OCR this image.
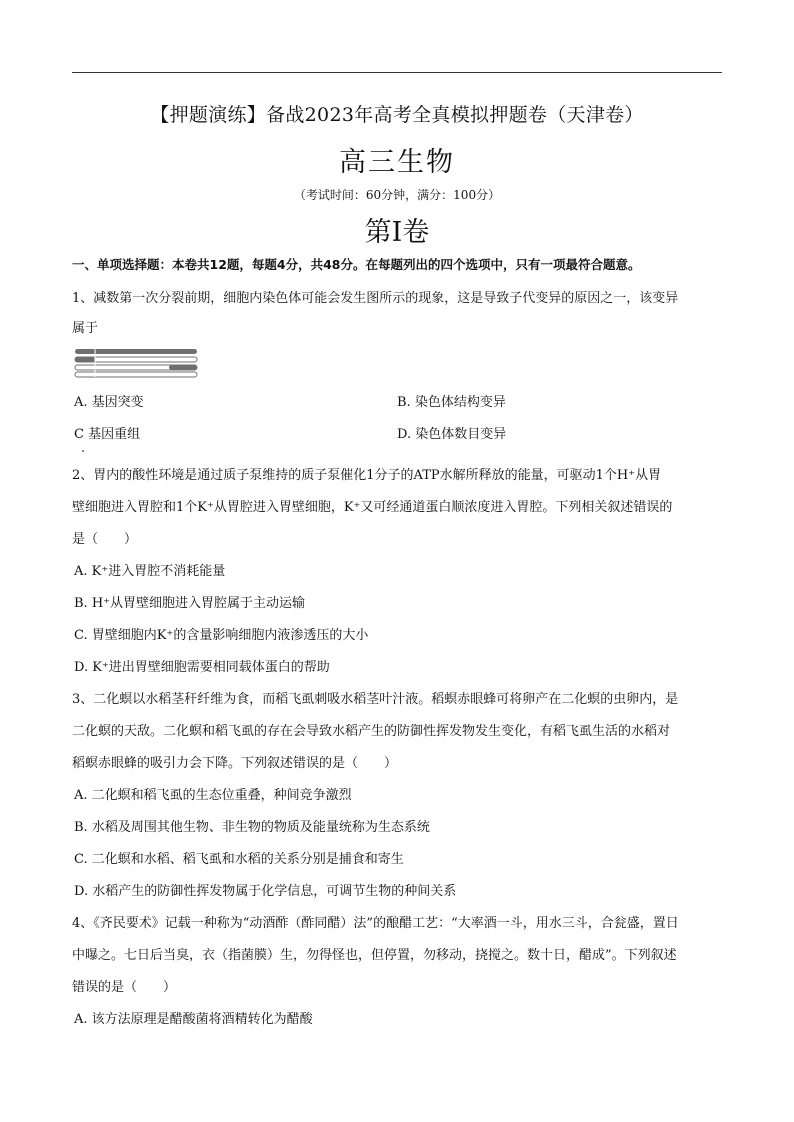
【押题演练】备战2023年高考全真模拟押题卷（天津卷）
高三生物
（考试时间：60分钟，满分：100分）
第I卷
一、单项选择题：本卷共12题，每题4分，共48分。在每题列出的四个选项中，只有一项最符合题意。
1、减数第一次分裂前期，细胞内染色体可能会发生图所示的现象，这是导致子代变异的原因之一，该变异
属于
A. 基因突变	B. 染色体结构变异
C 基因重组	D. 染色体数目变异
2、胃内的酸性环境是通过质子泵维持的质子泵催化1分子的ATP水解所释放的能量，可驱动1个H⁺从胃
壁细胞进入胃腔和1个K⁺从胃腔进入胃壁细胞，K⁺又可经通道蛋白顺浓度进入胃腔。下列相关叙述错误的
是（　　）
A. K⁺进入胃腔不消耗能量
B. H⁺从胃壁细胞进入胃腔属于主动运输
C. 胃壁细胞内K⁺的含量影响细胞内液渗透压的大小
D. K⁺进出胃壁细胞需要相同载体蛋白的帮助
3、二化螟以水稻茎秆纤维为食，而稻飞虱刺吸水稻茎叶汁液。稻螟赤眼蜂可将卵产在二化螟的虫卵内，是
二化螟的天敌。二化螟和稻飞虱的存在会导致水稻产生的防御性挥发物发生变化，有稻飞虱生活的水稻对
稻螟赤眼蜂的吸引力会下降。下列叙述错误的是（　　）
A. 二化螟和稻飞虱的生态位重叠，种间竞争激烈
B. 水稻及周围其他生物、非生物的物质及能量统称为生态系统
C. 二化螟和水稻、稻飞虱和水稻的关系分别是捕食和寄生
D. 水稻产生的防御性挥发物属于化学信息，可调节生物的种间关系
4、《齐民要术》记载一种称为“动酒酢（酢同醋）法”的酿醋工艺：“大率酒一斗，用水三斗，合瓮盛，置日
中曝之。七日后当臭，衣（指菌膜）生，勿得怪也，但停置，勿移动，挠搅之。数十日，醋成”。下列叙述
错误的是（　　）
A. 该方法原理是醋酸菌将酒精转化为醋酸
